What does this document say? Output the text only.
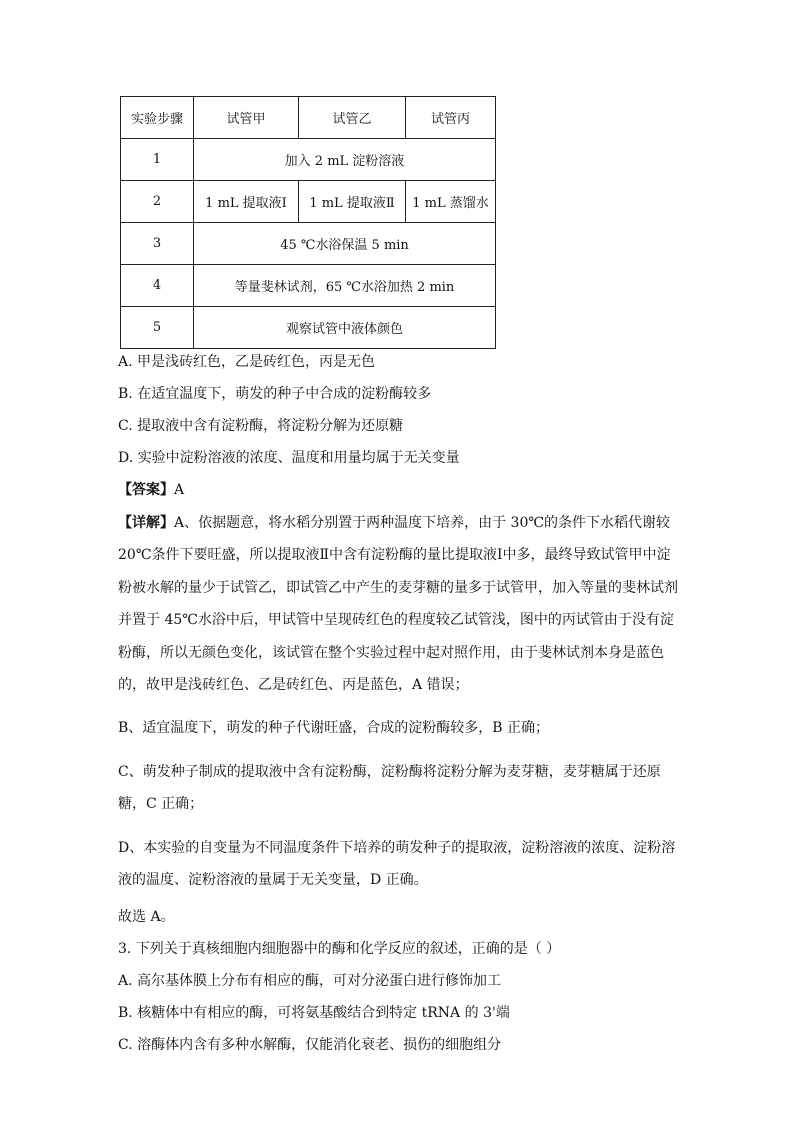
实验步骤	试管甲	试管乙	试管丙
1	加入 2 mL 淀粉溶液		
2	1 mL 提取液Ⅰ	1 mL 提取液Ⅱ	1 mL 蒸馏水
3	45 ℃水浴保温 5 min		
4	等量斐林试剂，65 ℃水浴加热 2 min		
5	观察试管中液体颜色		
A. 甲是浅砖红色，乙是砖红色，丙是无色
B. 在适宜温度下，萌发的种子中合成的淀粉酶较多
C. 提取液中含有淀粉酶，将淀粉分解为还原糖
D. 实验中淀粉溶液的浓度、温度和用量均属于无关变量
【答案】A
【详解】A、依据题意，将水稻分别置于两种温度下培养，由于 30℃的条件下水稻代谢较 20℃条件下要旺盛，所以提取液Ⅱ中含有淀粉酶的量比提取液Ⅰ中多，最终导致试管甲中淀粉被水解的量少于试管乙，即试管乙中产生的麦芽糖的量多于试管甲，加入等量的斐林试剂并置于 45℃水浴中后，甲试管中呈现砖红色的程度较乙试管浅，图中的丙试管由于没有淀粉酶，所以无颜色变化，该试管在整个实验过程中起对照作用，由于斐林试剂本身是蓝色的，故甲是浅砖红色、乙是砖红色、丙是蓝色，A 错误；
B、适宜温度下，萌发的种子代谢旺盛，合成的淀粉酶较多，B 正确；
C、萌发种子制成的提取液中含有淀粉酶，淀粉酶将淀粉分解为麦芽糖，麦芽糖属于还原糖，C 正确；
D、本实验的自变量为不同温度条件下培养的萌发种子的提取液，淀粉溶液的浓度、淀粉溶液的温度、淀粉溶液的量属于无关变量，D 正确。
故选 A。
3. 下列关于真核细胞内细胞器中的酶和化学反应的叙述，正确的是（ ）
A. 高尔基体膜上分布有相应的酶，可对分泌蛋白进行修饰加工
B. 核糖体中有相应的酶，可将氨基酸结合到特定 tRNA 的 3'端
C. 溶酶体内含有多种水解酶，仅能消化衰老、损伤的细胞组分
